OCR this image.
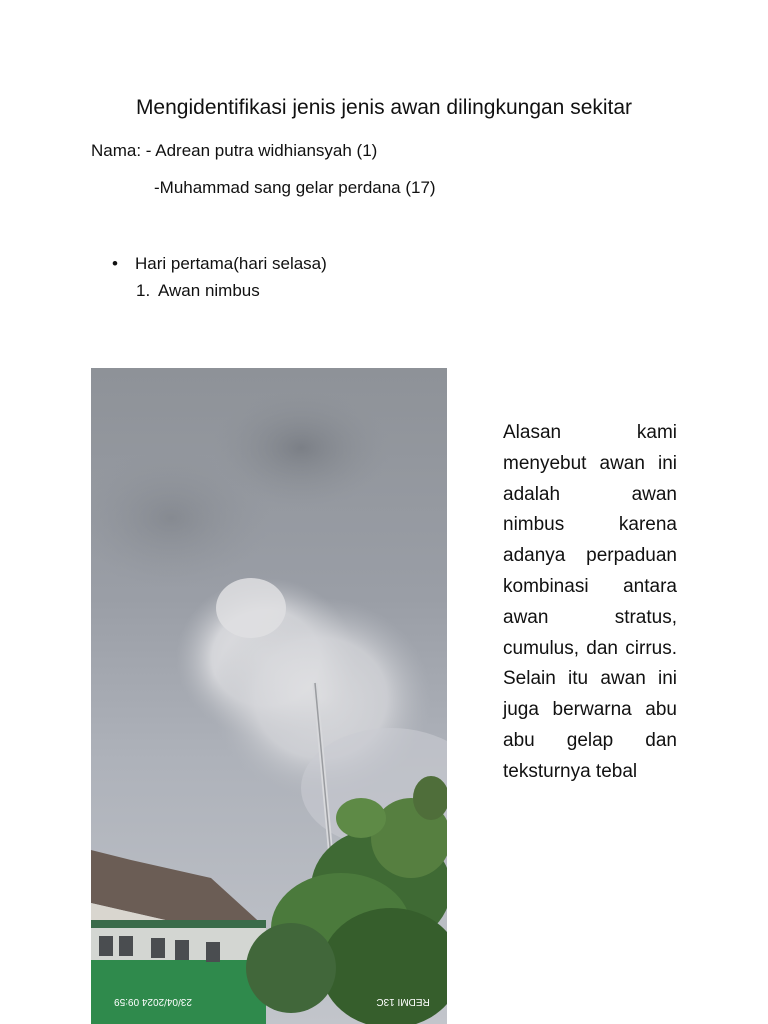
Mengidentifikasi jenis jenis awan dilingkungan sekitar
Nama: - Adrean putra widhiansyah (1)
-Muhammad sang gelar perdana (17)
• Hari pertama(hari selasa)
1. Awan nimbus
REDMI 13C
23/04/2024 09:59
Alasan kami menyebut awan ini adalah awan nimbus karena adanya perpaduan kombinasi antara awan stratus, cumulus, dan cirrus. Selain itu awan ini juga berwarna abu abu gelap dan teksturnya tebal
